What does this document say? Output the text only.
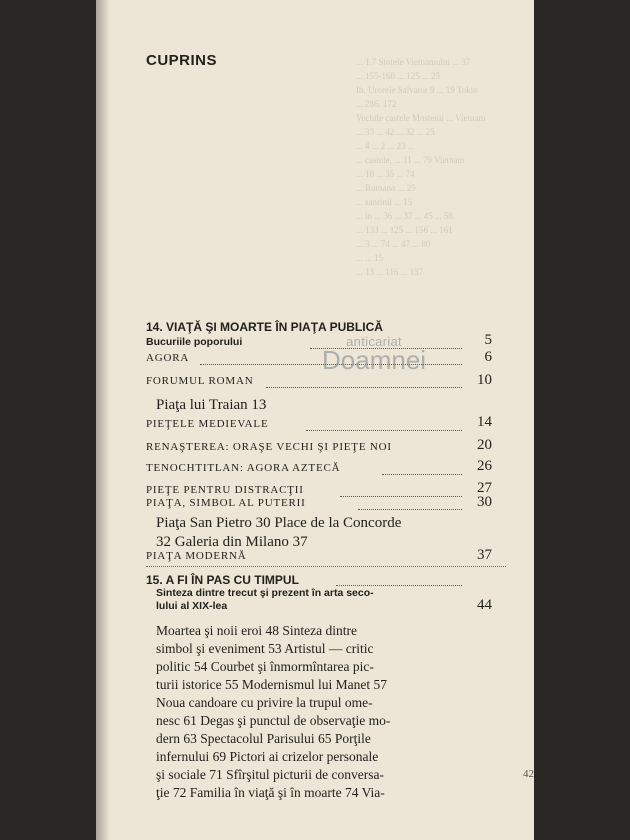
CUPRINS	... 1.7 Stotele Vietnamului ... 37
... 155-160 ... 125 ... 25
Ib. Urorele Salvator 9 ... 19 Tokio
... 286. 172
Vechile castele Mostenii ... Vietnam
... 33 ... 42 ... 32 ... 25
... 4 ... 2 ... 23 ...
... castele, ... 11 ... 79 Vietnam
... 10 ... 35 ... 74
... Romano ... 25
... sanrinii ... 15
... in ... 36 ... 37 ... 45 ... 58
... 133 ... 125 ... 156 ... 161
... 3 ... 74 ... 47 ... 80
... ... 15
... 13 ... 116 ... 137
14. VIAŢĂ ŞI MOARTE ÎN PIAŢA PUBLICĂ
Bucuriile poporului	5
AGORA	6
FORUMUL ROMAN	10
Piaţa lui Traian 13
PIEŢELE MEDIEVALE	14
RENAŞTEREA: ORAŞE VECHI ŞI PIEŢE NOI	20
TENOCHTITLAN: AGORA AZTECĂ	26
PIEŢE PENTRU DISTRACŢII	27
PIAŢA, SIMBOL AL PUTERII	30
Piaţa San Pietro 30 Place de la Concorde
32 Galeria din Milano 37
PIAŢA MODERNĂ	37
15. A FI ÎN PAS CU TIMPUL
Sinteza dintre trecut şi prezent în arta seco-
lului al XIX-lea	44
Moartea şi noii eroi 48 Sinteza dintre
simbol şi eveniment 53 Artistul — critic
politic 54 Courbet şi înmormîntarea pic-
turii istorice 55 Modernismul lui Manet 57
Noua candoare cu privire la trupul ome-
nesc 61 Degas şi punctul de observaţie mo-
dern 63 Spectacolul Parisului 65 Porţile
infernului 69 Pictori ai crizelor personale
şi sociale 71 Sfîrşitul picturii de conversa-
ţie 72 Familia în viaţă şi în moarte 74 Via-
42
anticariat
Doamnei
